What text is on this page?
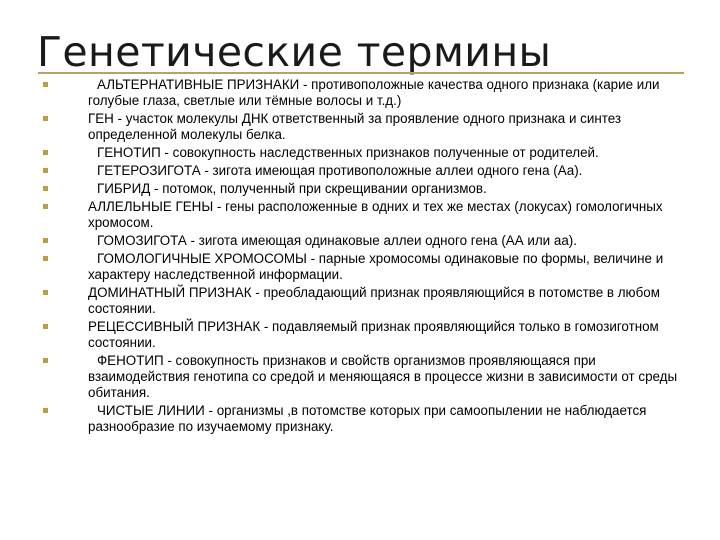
Генетические термины
АЛЬТЕРНАТИВНЫЕ ПРИЗНАКИ - противоположные качества одного признака (карие или голубые глаза, светлые или тёмные волосы и т.д.)
ГЕН - участок молекулы ДНК ответственный за проявление одного признака и синтез определенной молекулы белка.
ГЕНОТИП - совокупность наследственных признаков полученные от родителей.
ГЕТЕРОЗИГОТА - зигота имеющая противоположные аллеи одного гена (Аа).
ГИБРИД - потомок, полученный при скрещивании организмов.
АЛЛЕЛЬНЫЕ ГЕНЫ - гены расположенные в одних и тех же местах (локусах) гомологичных хромосом.
ГОМОЗИГОТА - зигота имеющая одинаковые аллеи одного гена (АА или аа).
ГОМОЛОГИЧНЫЕ ХРОМОСОМЫ - парные хромосомы одинаковые по формы, величине и характеру наследственной информации.
ДОМИНАТНЫЙ ПРИЗНАК - преобладающий признак проявляющийся в потомстве в любом состоянии.
РЕЦЕССИВНЫЙ ПРИЗНАК - подавляемый признак проявляющийся только в гомозиготном состоянии.
ФЕНОТИП - совокупность признаков и свойств организмов проявляющаяся при взаимодействия генотипа со средой и меняющаяся в процессе жизни в зависимости от среды обитания.
ЧИСТЫЕ ЛИНИИ - организмы ,в потомстве которых при самоопылении не наблюдается разнообразие по изучаемому признаку.
